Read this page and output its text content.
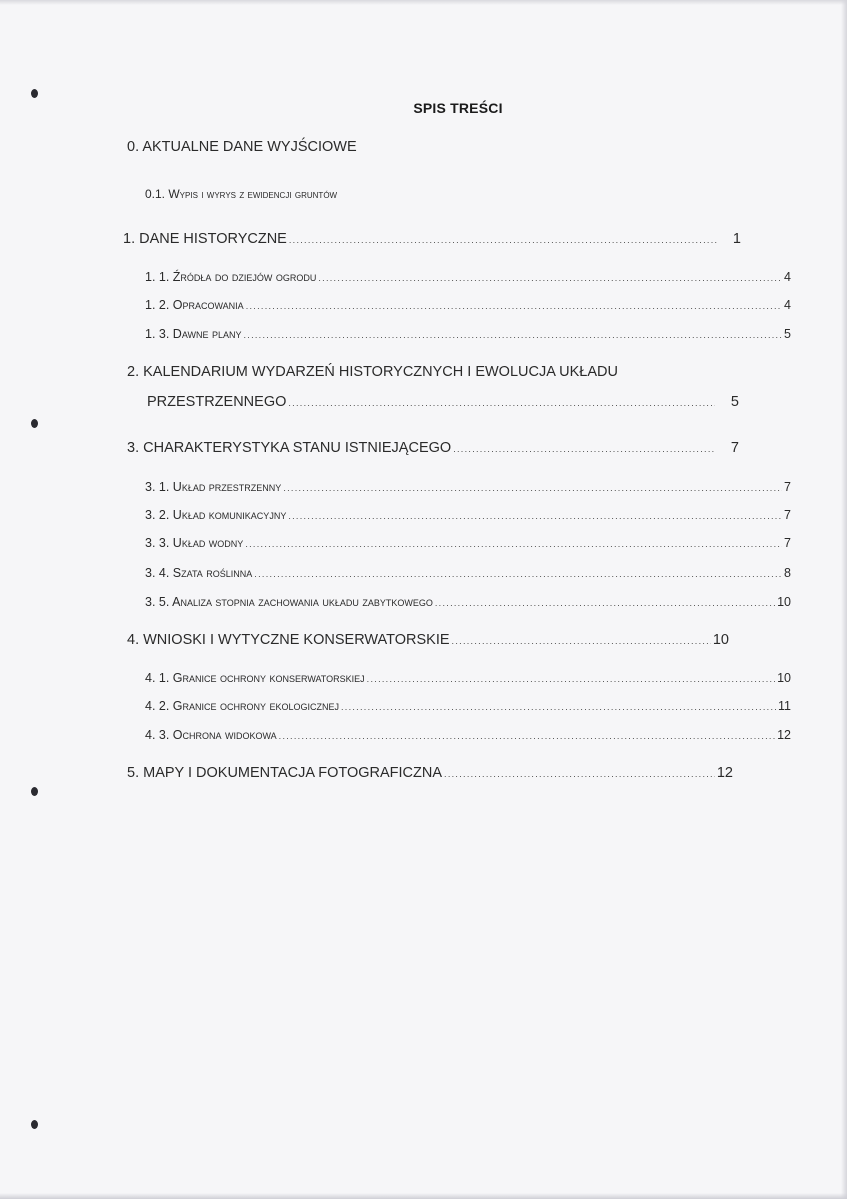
SPIS TREŚCI
0. AKTUALNE DANE WYJŚCIOWE
0.1. Wypis i wyrys z ewidencji gruntów
1. DANE HISTORYCZNE .....	1
1. 1. Źródła do dziejów ogrodu .....	4
1. 2. Opracowania .....	4
1. 3. Dawne plany .....	5
2. KALENDARIUM WYDARZEŃ HISTORYCZNYCH I EWOLUCJA UKŁADU
PRZESTRZENNEGO .....	5
3. CHARAKTERYSTYKA STANU ISTNIEJĄCEGO .....	7
3. 1. Układ przestrzenny .....	7
3. 2. Układ komunikacyjny .....	7
3. 3. Układ wodny .....	7
3. 4. Szata roślinna .....	8
3. 5. Analiza stopnia zachowania układu zabytkowego .....	10
4. WNIOSKI I WYTYCZNE KONSERWATORSKIE .....	10
4. 1. Granice ochrony konserwatorskiej .....	10
4. 2. Granice ochrony ekologicznej .....	11
4. 3. Ochrona widokowa .....	12
5. MAPY I DOKUMENTACJA FOTOGRAFICZNA .....	12
